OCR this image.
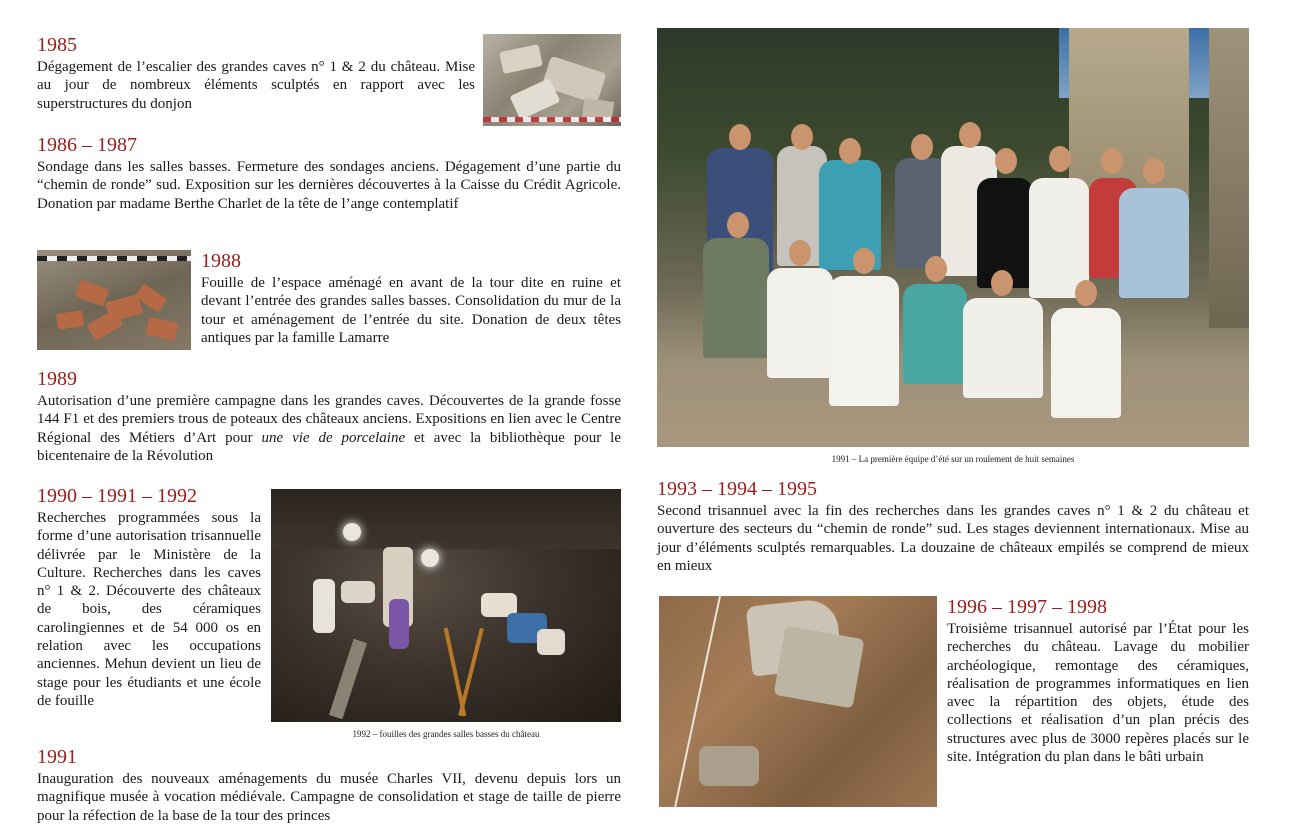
1985

Dégagement de l’escalier des grandes caves n° 1 & 2 du château. Mise au jour de nombreux éléments sculptés en rapport avec les superstructures du donjon

1986 – 1987

Sondage dans les salles basses. Fermeture des sondages anciens. Dégagement d’une partie du “chemin de ronde” sud. Exposition sur les dernières découvertes à la Caisse du Crédit Agricole. Donation par madame Berthe Charlet de la tête de l’ange contemplatif

1988

Fouille de l’espace aménagé en avant de la tour dite en ruine et devant l’entrée des grandes salles basses. Consolidation du mur de la tour et aménagement de l’entrée du site. Donation de deux têtes antiques par la famille Lamarre

1989

Autorisation d’une première campagne dans les grandes caves. Découvertes de la grande fosse 144 F1 et des premiers trous de poteaux des châteaux anciens. Expositions en lien avec le Centre Régional des Métiers d’Art pour une vie de porcelaine et avec la bibliothèque pour le bicentenaire de la Révolution

1990 – 1991 – 1992

Recherches programmées sous la forme d’une autorisation trisannuelle délivrée par le Ministère de la Culture. Recherches dans les caves n° 1 & 2. Découverte des châteaux de bois, des céramiques carolingiennes et de 54 000 os en relation avec les occupations anciennes. Mehun devient un lieu de stage pour les étudiants et une école de fouille

1992 – fouilles des grandes salles basses du château
1991

Inauguration des nouveaux aménagements du musée Charles VII, devenu depuis lors un magnifique musée à vocation médiévale. Campagne de consolidation et stage de taille de pierre pour la réfection de la base de la tour des princes

1991 – La première équipe d’été sur un roulement de huit semaines
1993 – 1994 – 1995

Second trisannuel avec la fin des recherches dans les grandes caves n° 1 & 2 du château et ouverture des secteurs du “chemin de ronde” sud. Les stages deviennent internationaux. Mise au jour d’éléments sculptés remarquables. La douzaine de châteaux empilés se comprend de mieux en mieux

1996 – 1997 – 1998

Troisième trisannuel autorisé par l’État pour les recherches du château. Lavage du mobilier archéologique, remontage des céramiques, réalisation de programmes informatiques en lien avec la répartition des objets, étude des collections et réalisation d’un plan précis des structures avec plus de 3000 repères placés sur le site. Intégration du plan dans le bâti urbain
